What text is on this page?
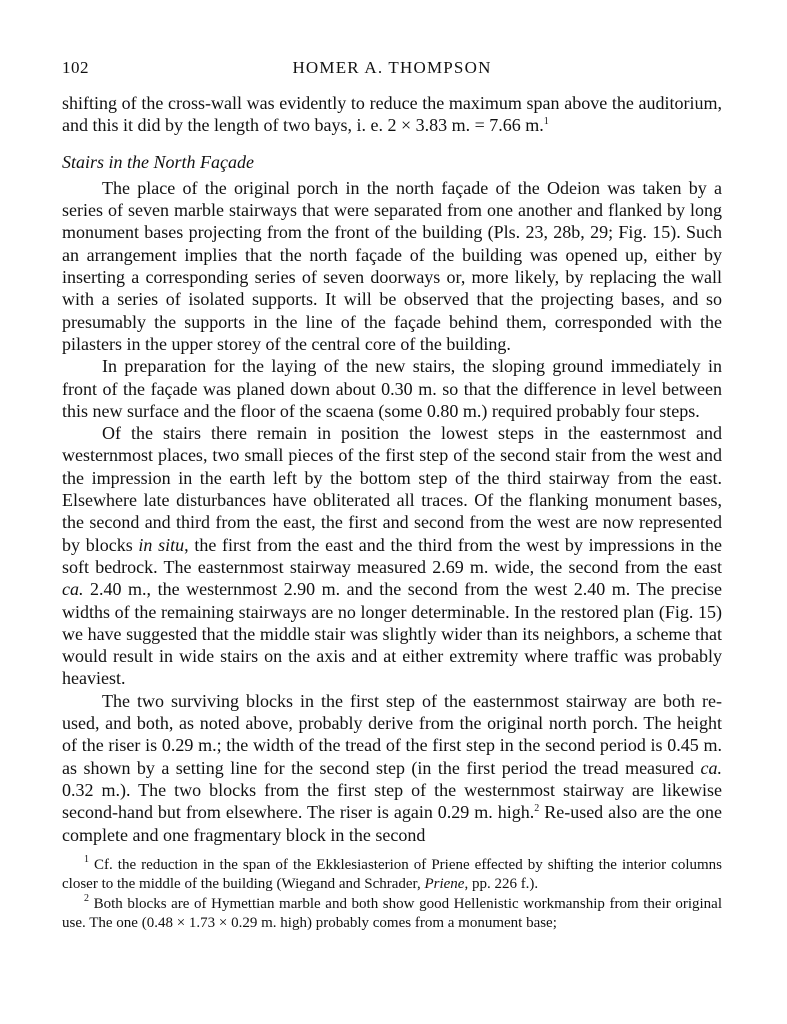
102	HOMER A. THOMPSON

shifting of the cross-wall was evidently to reduce the maximum span above the auditorium, and this it did by the length of two bays, i. e. 2 × 3.83 m. = 7.66 m.$^1$

Stairs in the North Façade

The place of the original porch in the north façade of the Odeion was taken by a series of seven marble stairways that were separated from one another and flanked by long monument bases projecting from the front of the building (Pls. 23, 28b, 29; Fig. 15). Such an arrangement implies that the north façade of the building was opened up, either by inserting a corresponding series of seven doorways or, more likely, by replacing the wall with a series of isolated supports. It will be observed that the projecting bases, and so presumably the supports in the line of the façade behind them, corresponded with the pilasters in the upper storey of the central core of the building.

In preparation for the laying of the new stairs, the sloping ground immediately in front of the façade was planed down about 0.30 m. so that the difference in level between this new surface and the floor of the scaena (some 0.80 m.) required probably four steps.

Of the stairs there remain in position the lowest steps in the easternmost and westernmost places, two small pieces of the first step of the second stair from the west and the impression in the earth left by the bottom step of the third stairway from the east. Elsewhere late disturbances have obliterated all traces. Of the flanking monument bases, the second and third from the east, the first and second from the west are now represented by blocks in situ, the first from the east and the third from the west by impressions in the soft bedrock. The easternmost stairway measured 2.69 m. wide, the second from the east ca. 2.40 m., the westernmost 2.90 m. and the second from the west 2.40 m. The precise widths of the remaining stairways are no longer determinable. In the restored plan (Fig. 15) we have suggested that the middle stair was slightly wider than its neighbors, a scheme that would result in wide stairs on the axis and at either extremity where traffic was probably heaviest.

The two surviving blocks in the first step of the easternmost stairway are both re-used, and both, as noted above, probably derive from the original north porch. The height of the riser is 0.29 m.; the width of the tread of the first step in the second period is 0.45 m. as shown by a setting line for the second step (in the first period the tread measured ca. 0.32 m.). The two blocks from the first step of the westernmost stairway are likewise second-hand but from elsewhere. The riser is again 0.29 m. high.$^2$ Re-used also are the one complete and one fragmentary block in the second

$^1$ Cf. the reduction in the span of the Ekklesiasterion of Priene effected by shifting the interior columns closer to the middle of the building (Wiegand and Schrader, Priene, pp. 226 f.).

$^2$ Both blocks are of Hymettian marble and both show good Hellenistic workmanship from their original use. The one (0.48 × 1.73 × 0.29 m. high) probably comes from a monument base;
